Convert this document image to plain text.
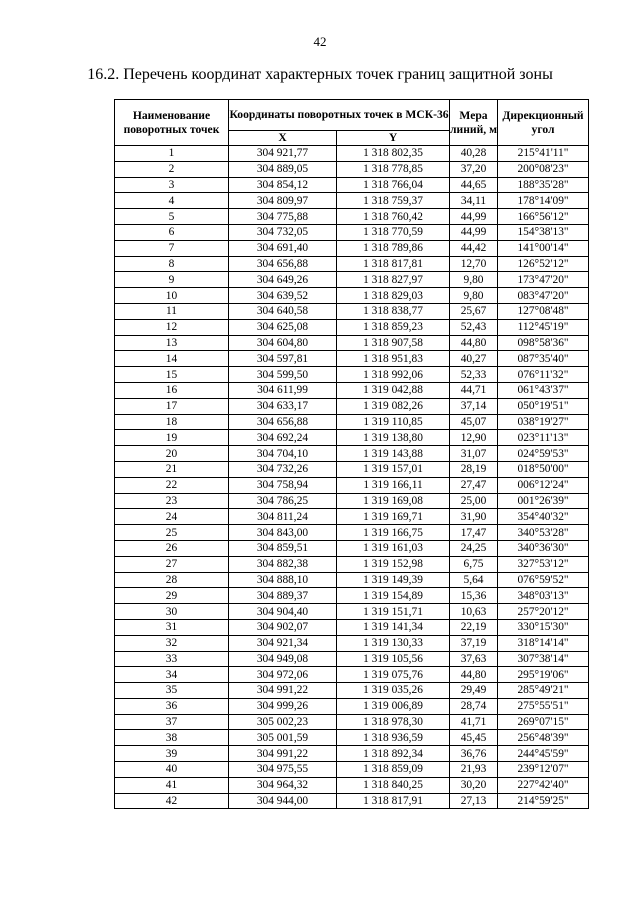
42
16.2. Перечень координат характерных точек границ защитной зоны
Наименование поворотных точек	Координаты поворотных точек в МСК-36		Мера линий, м	Дирекционный угол
	X	Y		
1	304 921,77	1 318 802,35	40,28	215°41'11"
2	304 889,05	1 318 778,85	37,20	200°08'23"
3	304 854,12	1 318 766,04	44,65	188°35'28"
4	304 809,97	1 318 759,37	34,11	178°14'09"
5	304 775,88	1 318 760,42	44,99	166°56'12"
6	304 732,05	1 318 770,59	44,99	154°38'13"
7	304 691,40	1 318 789,86	44,42	141°00'14"
8	304 656,88	1 318 817,81	12,70	126°52'12"
9	304 649,26	1 318 827,97	9,80	173°47'20"
10	304 639,52	1 318 829,03	9,80	083°47'20"
11	304 640,58	1 318 838,77	25,67	127°08'48"
12	304 625,08	1 318 859,23	52,43	112°45'19"
13	304 604,80	1 318 907,58	44,80	098°58'36"
14	304 597,81	1 318 951,83	40,27	087°35'40"
15	304 599,50	1 318 992,06	52,33	076°11'32"
16	304 611,99	1 319 042,88	44,71	061°43'37"
17	304 633,17	1 319 082,26	37,14	050°19'51"
18	304 656,88	1 319 110,85	45,07	038°19'27"
19	304 692,24	1 319 138,80	12,90	023°11'13"
20	304 704,10	1 319 143,88	31,07	024°59'53"
21	304 732,26	1 319 157,01	28,19	018°50'00"
22	304 758,94	1 319 166,11	27,47	006°12'24"
23	304 786,25	1 319 169,08	25,00	001°26'39"
24	304 811,24	1 319 169,71	31,90	354°40'32"
25	304 843,00	1 319 166,75	17,47	340°53'28"
26	304 859,51	1 319 161,03	24,25	340°36'30"
27	304 882,38	1 319 152,98	6,75	327°53'12"
28	304 888,10	1 319 149,39	5,64	076°59'52"
29	304 889,37	1 319 154,89	15,36	348°03'13"
30	304 904,40	1 319 151,71	10,63	257°20'12"
31	304 902,07	1 319 141,34	22,19	330°15'30"
32	304 921,34	1 319 130,33	37,19	318°14'14"
33	304 949,08	1 319 105,56	37,63	307°38'14"
34	304 972,06	1 319 075,76	44,80	295°19'06"
35	304 991,22	1 319 035,26	29,49	285°49'21"
36	304 999,26	1 319 006,89	28,74	275°55'51"
37	305 002,23	1 318 978,30	41,71	269°07'15"
38	305 001,59	1 318 936,59	45,45	256°48'39"
39	304 991,22	1 318 892,34	36,76	244°45'59"
40	304 975,55	1 318 859,09	21,93	239°12'07"
41	304 964,32	1 318 840,25	30,20	227°42'40"
42	304 944,00	1 318 817,91	27,13	214°59'25"
